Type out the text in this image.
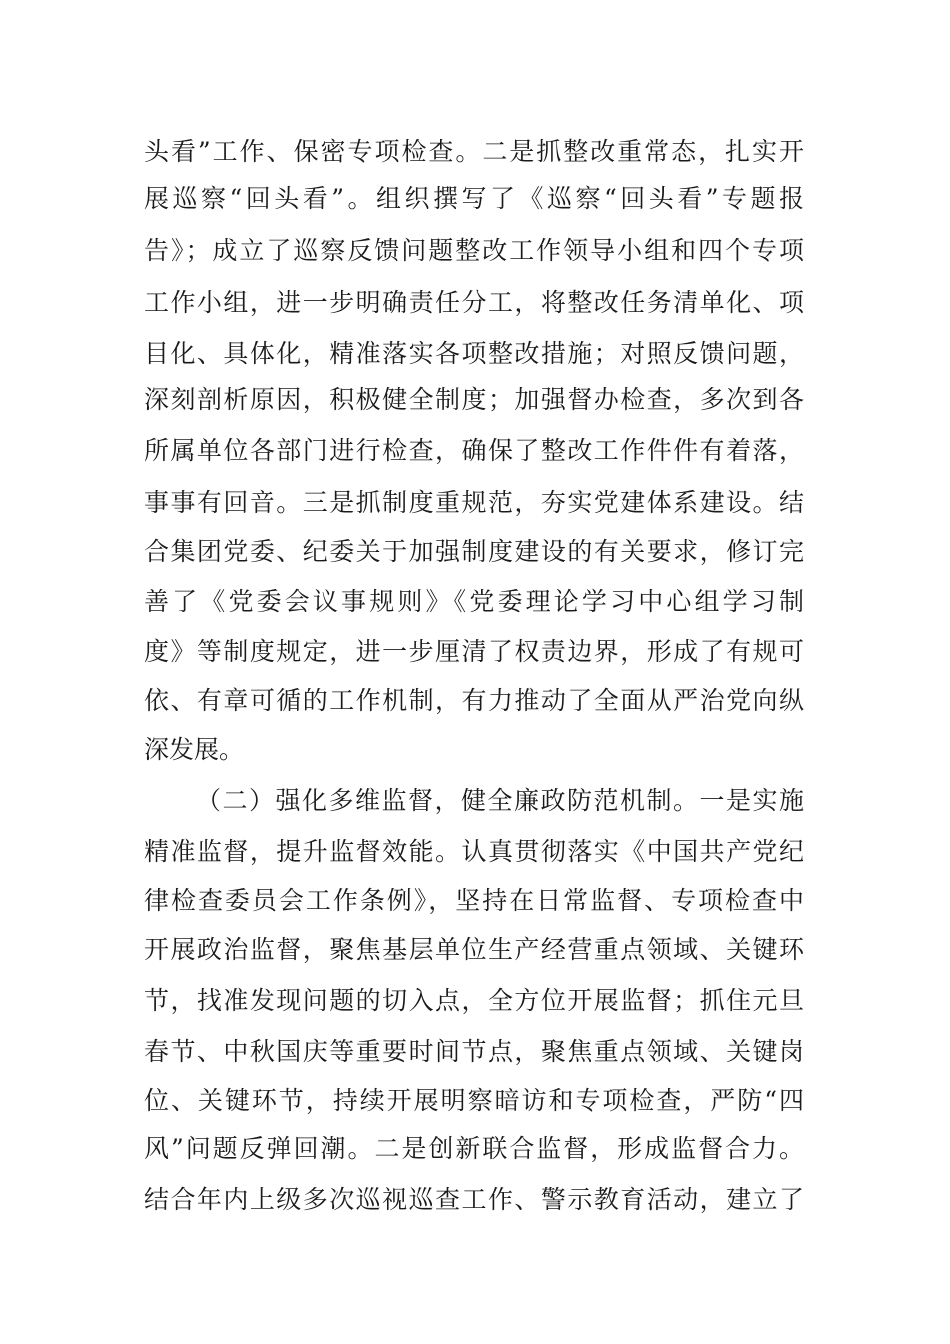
头看”工作、保密专项检查。二是抓整改重常态，扎实开
展巡察“回头看”。组织撰写了《巡察“回头看”专题报
告》；成立了巡察反馈问题整改工作领导小组和四个专项
工作小组，进一步明确责任分工，将整改任务清单化、项
目化、具体化，精准落实各项整改措施；对照反馈问题，
深刻剖析原因，积极健全制度；加强督办检查，多次到各
所属单位各部门进行检查，确保了整改工作件件有着落，
事事有回音。三是抓制度重规范，夯实党建体系建设。结
合集团党委、纪委关于加强制度建设的有关要求，修订完
善了《党委会议事规则》《党委理论学习中心组学习制
度》等制度规定，进一步厘清了权责边界，形成了有规可
依、有章可循的工作机制，有力推动了全面从严治党向纵
深发展。
（二）强化多维监督，健全廉政防范机制。一是实施
精准监督，提升监督效能。认真贯彻落实《中国共产党纪
律检查委员会工作条例》，坚持在日常监督、专项检查中
开展政治监督，聚焦基层单位生产经营重点领域、关键环
节，找准发现问题的切入点，全方位开展监督；抓住元旦
春节、中秋国庆等重要时间节点，聚焦重点领域、关键岗
位、关键环节，持续开展明察暗访和专项检查，严防“四
风”问题反弹回潮。二是创新联合监督，形成监督合力。
结合年内上级多次巡视巡查工作、警示教育活动，建立了
